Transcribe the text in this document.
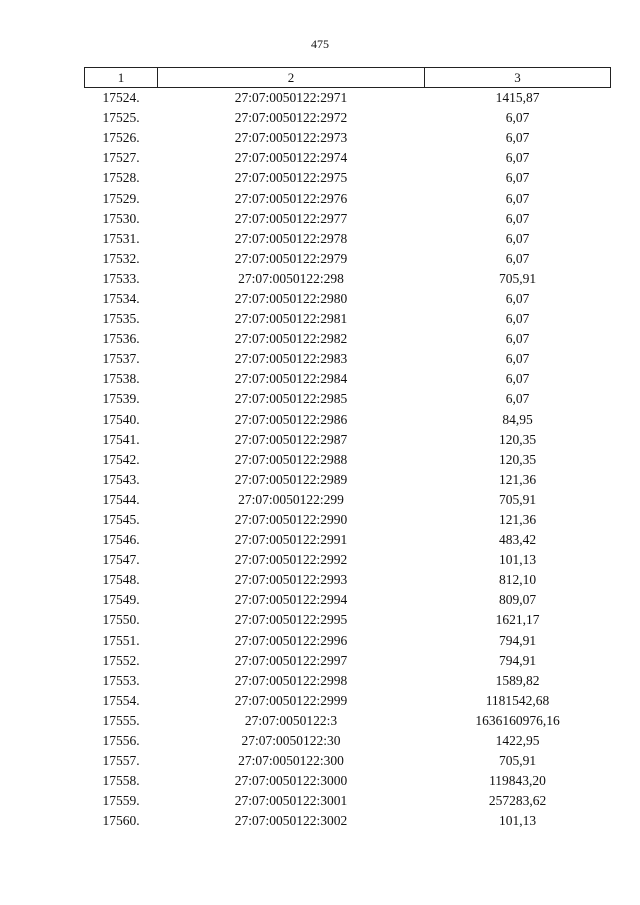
475
1	2	3
17524.	27:07:0050122:2971	1415,87
17525.	27:07:0050122:2972	6,07
17526.	27:07:0050122:2973	6,07
17527.	27:07:0050122:2974	6,07
17528.	27:07:0050122:2975	6,07
17529.	27:07:0050122:2976	6,07
17530.	27:07:0050122:2977	6,07
17531.	27:07:0050122:2978	6,07
17532.	27:07:0050122:2979	6,07
17533.	27:07:0050122:298	705,91
17534.	27:07:0050122:2980	6,07
17535.	27:07:0050122:2981	6,07
17536.	27:07:0050122:2982	6,07
17537.	27:07:0050122:2983	6,07
17538.	27:07:0050122:2984	6,07
17539.	27:07:0050122:2985	6,07
17540.	27:07:0050122:2986	84,95
17541.	27:07:0050122:2987	120,35
17542.	27:07:0050122:2988	120,35
17543.	27:07:0050122:2989	121,36
17544.	27:07:0050122:299	705,91
17545.	27:07:0050122:2990	121,36
17546.	27:07:0050122:2991	483,42
17547.	27:07:0050122:2992	101,13
17548.	27:07:0050122:2993	812,10
17549.	27:07:0050122:2994	809,07
17550.	27:07:0050122:2995	1621,17
17551.	27:07:0050122:2996	794,91
17552.	27:07:0050122:2997	794,91
17553.	27:07:0050122:2998	1589,82
17554.	27:07:0050122:2999	1181542,68
17555.	27:07:0050122:3	1636160976,16
17556.	27:07:0050122:30	1422,95
17557.	27:07:0050122:300	705,91
17558.	27:07:0050122:3000	119843,20
17559.	27:07:0050122:3001	257283,62
17560.	27:07:0050122:3002	101,13
